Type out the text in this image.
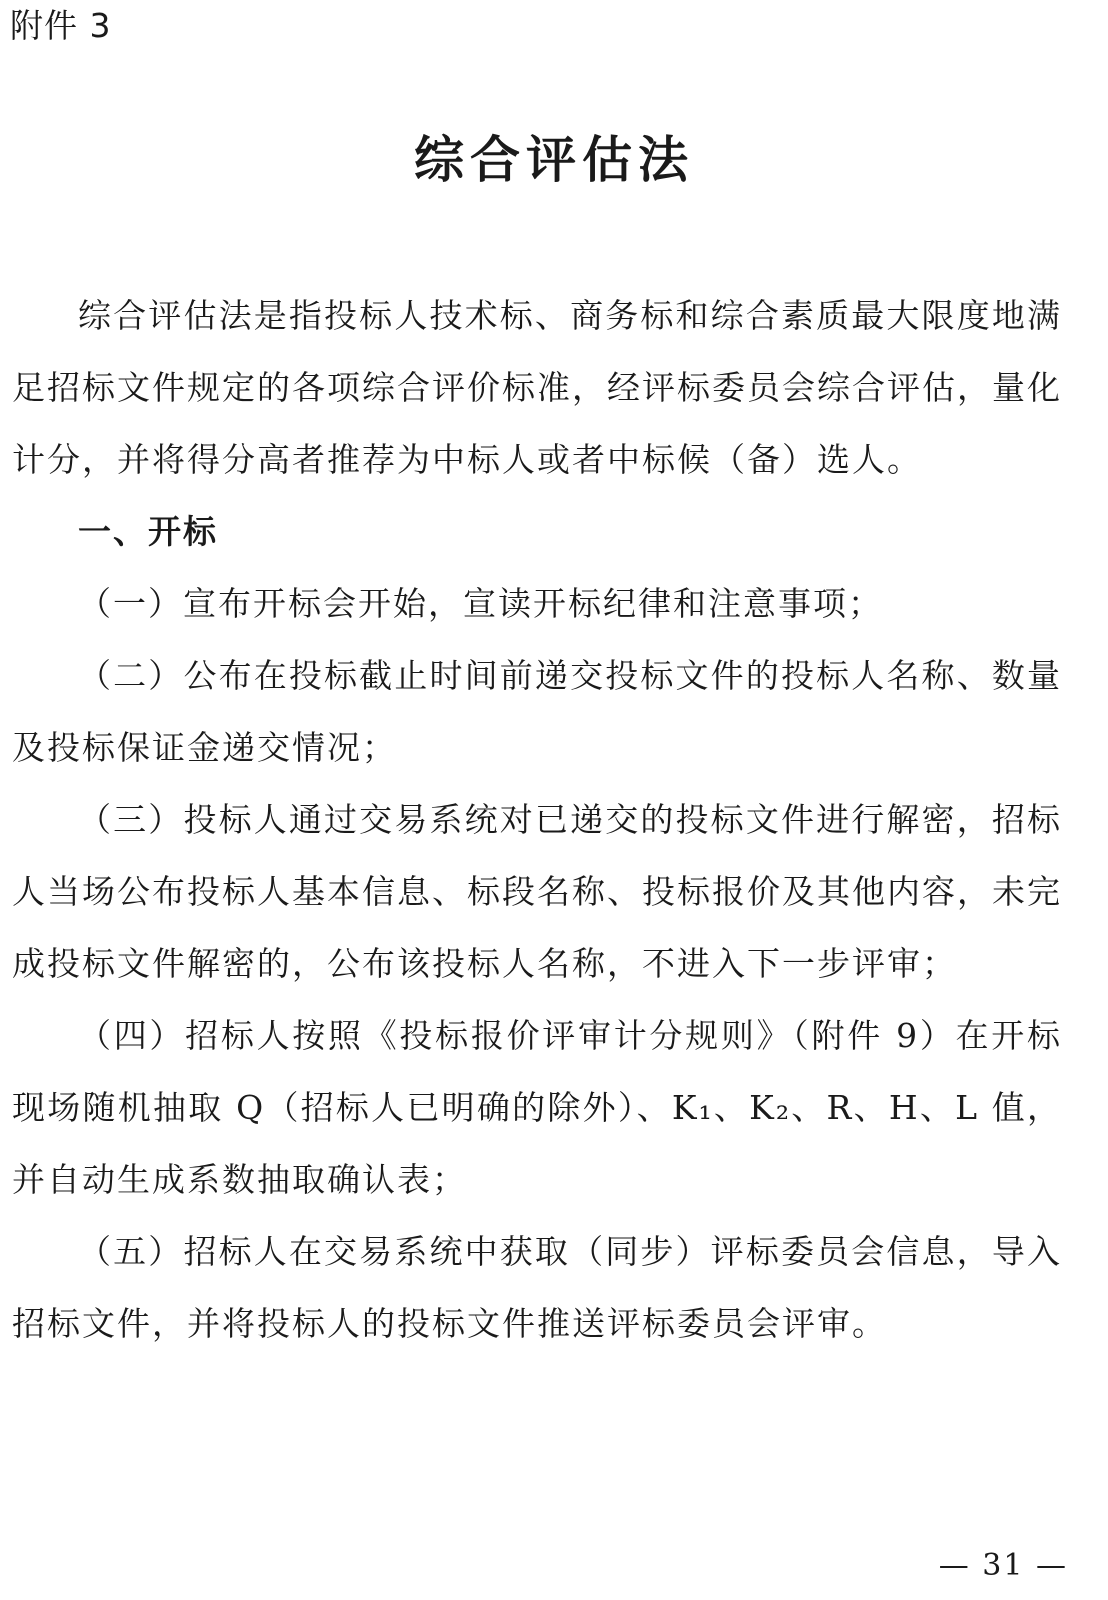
附件 3
综合评估法

综合评估法是指投标人技术标、商务标和综合素质最大限度地满足招标文件规定的各项综合评价标准，经评标委员会综合评估，量化计分，并将得分高者推荐为中标人或者中标候（备）选人。

一、开标

（一）宣布开标会开始，宣读开标纪律和注意事项；

（二）公布在投标截止时间前递交投标文件的投标人名称、数量及投标保证金递交情况；

（三）投标人通过交易系统对已递交的投标文件进行解密，招标人当场公布投标人基本信息、标段名称、投标报价及其他内容，未完成投标文件解密的，公布该投标人名称，不进入下一步评审；

（四）招标人按照《投标报价评审计分规则》（附件 9）在开标现场随机抽取 Q（招标人已明确的除外）、K₁、K₂、R、H、L 值，并自动生成系数抽取确认表；

（五）招标人在交易系统中获取（同步）评标委员会信息，导入招标文件，并将投标人的投标文件推送评标委员会评审。

— 31 —
